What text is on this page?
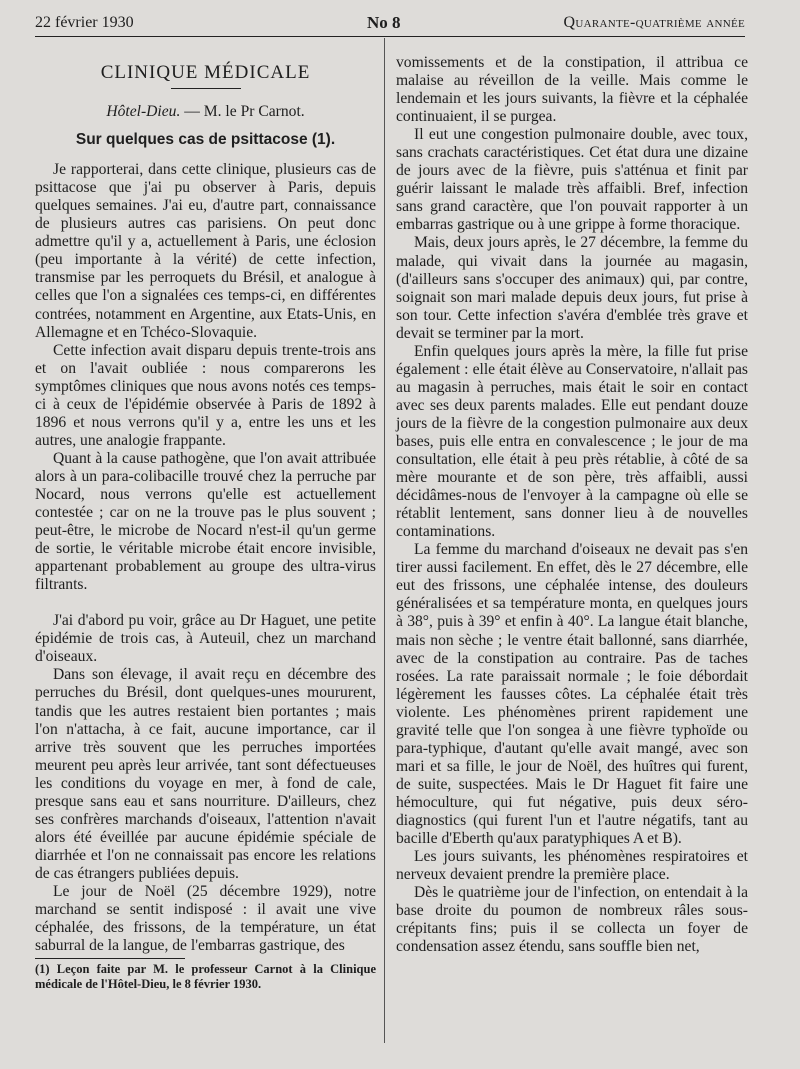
22 février 1930	No 8	Quarante-quatrième année
CLINIQUE MÉDICALE
Hôtel-Dieu. — M. le Pr Carnot.
Sur quelques cas de psittacose (1).

Je rapporterai, dans cette clinique, plusieurs cas de psittacose que j'ai pu observer à Paris, depuis quelques semaines. J'ai eu, d'autre part, connaissance de plusieurs autres cas parisiens. On peut donc admettre qu'il y a, actuellement à Paris, une éclosion (peu importante à la vérité) de cette infection, transmise par les perroquets du Brésil, et analogue à celles que l'on a signalées ces temps-ci, en différentes contrées, notamment en Argentine, aux Etats-Unis, en Allemagne et en Tchéco-Slovaquie.

Cette infection avait disparu depuis trente-trois ans et on l'avait oubliée : nous comparerons les symptômes cliniques que nous avons notés ces temps-ci à ceux de l'épidémie observée à Paris de 1892 à 1896 et nous verrons qu'il y a, entre les uns et les autres, une analogie frappante.

Quant à la cause pathogène, que l'on avait attribuée alors à un para-colibacille trouvé chez la perruche par Nocard, nous verrons qu'elle est actuellement contestée ; car on ne la trouve pas le plus souvent ; peut-être, le microbe de Nocard n'est-il qu'un germe de sortie, le véritable microbe était encore invisible, appartenant probablement au groupe des ultra-virus filtrants.

J'ai d'abord pu voir, grâce au Dr Haguet, une petite épidémie de trois cas, à Auteuil, chez un marchand d'oiseaux.

Dans son élevage, il avait reçu en décembre des perruches du Brésil, dont quelques-unes moururent, tandis que les autres restaient bien portantes ; mais l'on n'attacha, à ce fait, aucune importance, car il arrive très souvent que les perruches importées meurent peu après leur arrivée, tant sont défectueuses les conditions du voyage en mer, à fond de cale, presque sans eau et sans nourriture. D'ailleurs, chez ses confrères marchands d'oiseaux, l'attention n'avait alors été éveillée par aucune épidémie spéciale de diarrhée et l'on ne connaissait pas encore les relations de cas étrangers publiées depuis.

Le jour de Noël (25 décembre 1929), notre marchand se sentit indisposé : il avait une vive céphalée, des frissons, de la température, un état saburral de la langue, de l'embarras gastrique, des

(1) Leçon faite par M. le professeur Carnot à la Clinique médicale de l'Hôtel-Dieu, le 8 février 1930.

vomissements et de la constipation, il attribua ce malaise au réveillon de la veille. Mais comme le lendemain et les jours suivants, la fièvre et la céphalée continuaient, il se purgea.

Il eut une congestion pulmonaire double, avec toux, sans crachats caractéristiques. Cet état dura une dizaine de jours avec de la fièvre, puis s'atténua et finit par guérir laissant le malade très affaibli. Bref, infection sans grand caractère, que l'on pouvait rapporter à un embarras gastrique ou à une grippe à forme thoracique.

Mais, deux jours après, le 27 décembre, la femme du malade, qui vivait dans la journée au magasin, (d'ailleurs sans s'occuper des animaux) qui, par contre, soignait son mari malade depuis deux jours, fut prise à son tour. Cette infection s'avéra d'emblée très grave et devait se terminer par la mort.

Enfin quelques jours après la mère, la fille fut prise également : elle était élève au Conservatoire, n'allait pas au magasin à perruches, mais était le soir en contact avec ses deux parents malades. Elle eut pendant douze jours de la fièvre de la congestion pulmonaire aux deux bases, puis elle entra en convalescence ; le jour de ma consultation, elle était à peu près rétablie, à côté de sa mère mourante et de son père, très affaibli, aussi décidâmes-nous de l'envoyer à la campagne où elle se rétablit lentement, sans donner lieu à de nouvelles contaminations.

La femme du marchand d'oiseaux ne devait pas s'en tirer aussi facilement. En effet, dès le 27 décembre, elle eut des frissons, une céphalée intense, des douleurs généralisées et sa température monta, en quelques jours à 38°, puis à 39° et enfin à 40°. La langue était blanche, mais non sèche ; le ventre était ballonné, sans diarrhée, avec de la constipation au contraire. Pas de taches rosées. La rate paraissait normale ; le foie débordait légèrement les fausses côtes. La céphalée était très violente. Les phénomènes prirent rapidement une gravité telle que l'on songea à une fièvre typhoïde ou para-typhique, d'autant qu'elle avait mangé, avec son mari et sa fille, le jour de Noël, des huîtres qui furent, de suite, suspectées. Mais le Dr Haguet fit faire une hémoculture, qui fut négative, puis deux séro-diagnostics (qui furent l'un et l'autre négatifs, tant au bacille d'Eberth qu'aux paratyphiques A et B).

Les jours suivants, les phénomènes respiratoires et nerveux devaient prendre la première place.

Dès le quatrième jour de l'infection, on entendait à la base droite du poumon de nombreux râles sous-crépitants fins; puis il se collecta un foyer de condensation assez étendu, sans souffle bien net,
